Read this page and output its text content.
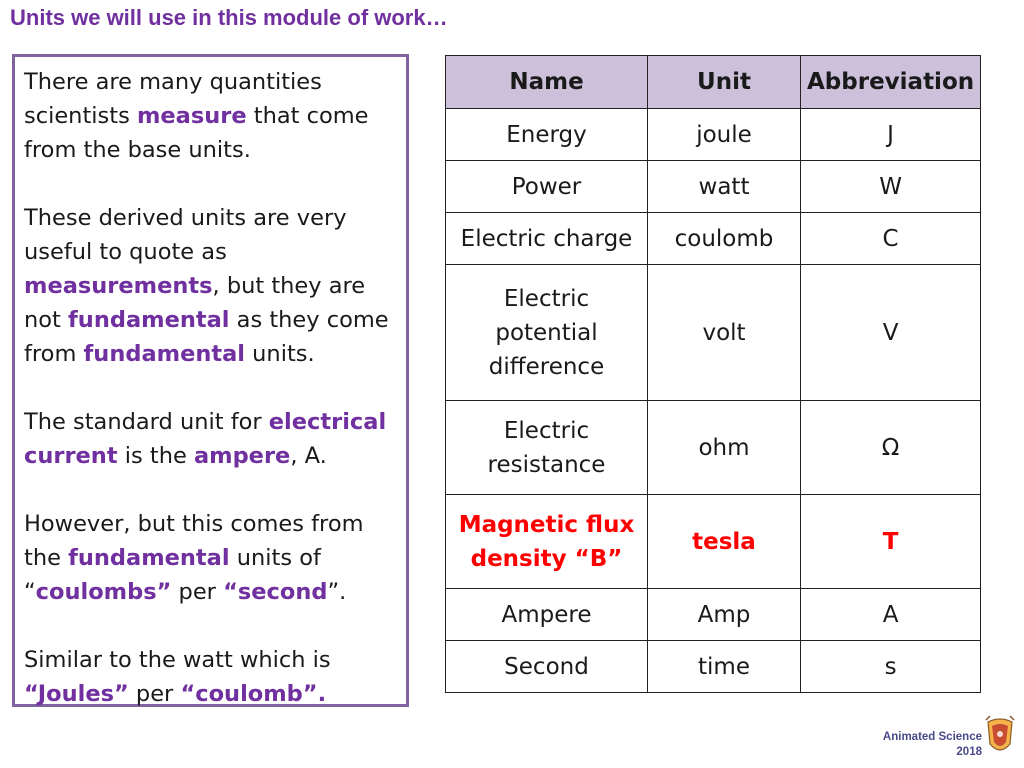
Units we will use in this module of work…

There are many quantities scientists measure that come from the base units.

These derived units are very useful to quote as measurements, but they are not fundamental as they come from fundamental units.

The standard unit for electrical current is the ampere, A.

However, but this comes from the fundamental units of “coulombs” per “second”.

Similar to the watt which is “Joules” per “coulomb”.

Name	Unit	Abbreviation
Energy	joule	J
Power	watt	W
Electric charge	coulomb	C
Electric potential difference	volt	V
Electric resistance	ohm	Ω
Magnetic flux density “B”	tesla	T
Ampere	Amp	A
Second	time	s
Animated Science
2018
